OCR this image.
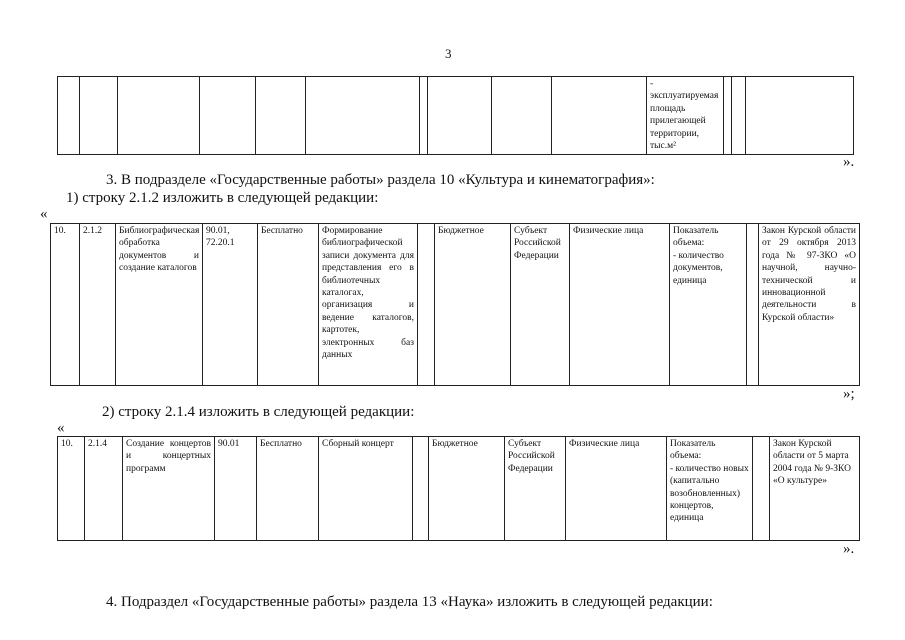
3
										- эксплуатируемая площадь прилегающей территории, тыс.м²			
».
3. В подразделе «Государственные работы» раздела 10 «Культура и кинематография»:
1) строку 2.1.2 изложить в следующей редакции:
«
10.	2.1.2	Библиографическая обработка документов и создание каталогов	90.01, 72.20.1	Бесплатно	Формирование библиографической записи документа для представления его в библиотечных каталогах, организация и ведение каталогов, картотек, электронных баз данных		Бюджетное	Субъект Российской Федерации	Физические лица	Показатель объема:
- количество документов, единица		Закон Курской области от 29 октября 2013 года № 97-ЗКО «О научной, научно-технической и инновационной деятельности в Курской области»
»;
2) строку 2.1.4 изложить в следующей редакции:
«
10.	2.1.4	Создание концертов и концертных программ	90.01	Бесплатно	Сборный концерт		Бюджетное	Субъект Российской Федерации	Физические лица	Показатель объема:
- количество новых (капитально возобновленных) концертов, единица		Закон Курской области от 5 марта 2004 года № 9-ЗКО «О культуре»
».
4. Подраздел «Государственные работы» раздела 13 «Наука» изложить в следующей редакции:
